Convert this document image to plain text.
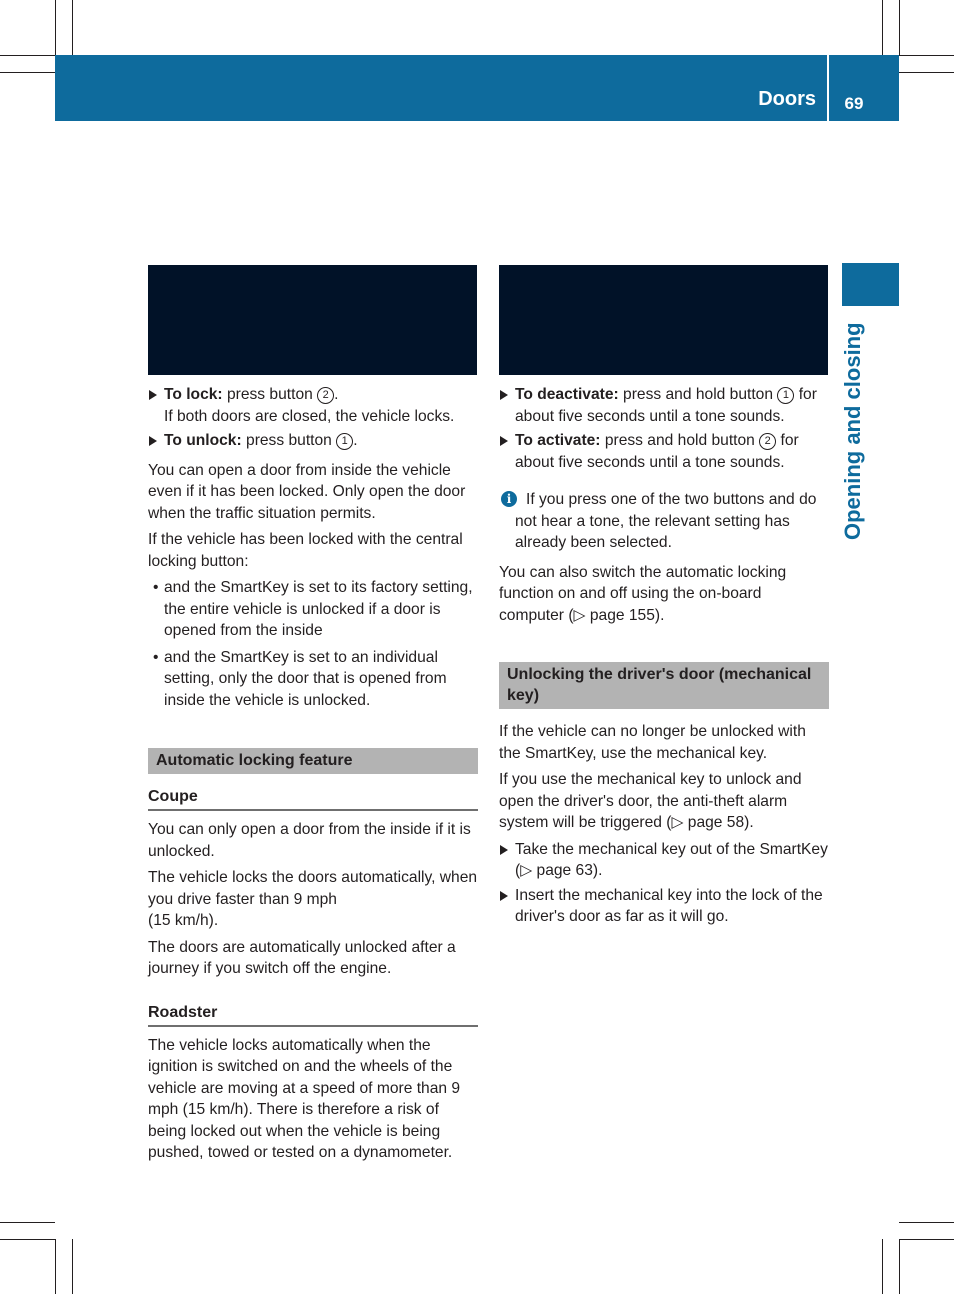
Doors	69
Opening and closing
To lock: press button 2 .
If both doors are closed, the vehicle locks.
To unlock: press button 1 .

You can open a door from inside the vehicle even if it has been locked. Only open the door when the traffic situation permits.

If the vehicle has been locked with the central locking button:

• and the SmartKey is set to its factory setting, the entire vehicle is unlocked if a door is opened from the inside
• and the SmartKey is set to an individual setting, only the door that is opened from inside the vehicle is unlocked.
Automatic locking feature
Coupe

You can only open a door from the inside if it is unlocked.

The vehicle locks the doors automatically, when you drive faster than 9 mph

(15 km/h).

The doors are automatically unlocked after a journey if you switch off the engine.

Roadster

The vehicle locks automatically when the ignition is switched on and the wheels of the vehicle are moving at a speed of more than 9 mph (15 km/h). There is therefore a risk of being locked out when the vehicle is being pushed, towed or tested on a dynamometer.

To deactivate: press and hold button 1 for about five seconds until a tone sounds.
To activate: press and hold button 2 for about five seconds until a tone sounds.
i If you press one of the two buttons and do not hear a tone, the relevant setting has already been selected.

You can also switch the automatic locking function on and off using the on-board computer (▷ page 155).

Unlocking the driver's door (mechanical key)

If the vehicle can no longer be unlocked with the SmartKey, use the mechanical key.

If you use the mechanical key to unlock and open the driver's door, the anti-theft alarm system will be triggered (▷ page 58).

Take the mechanical key out of the SmartKey (▷ page 63).
Insert the mechanical key into the lock of the driver's door as far as it will go.
